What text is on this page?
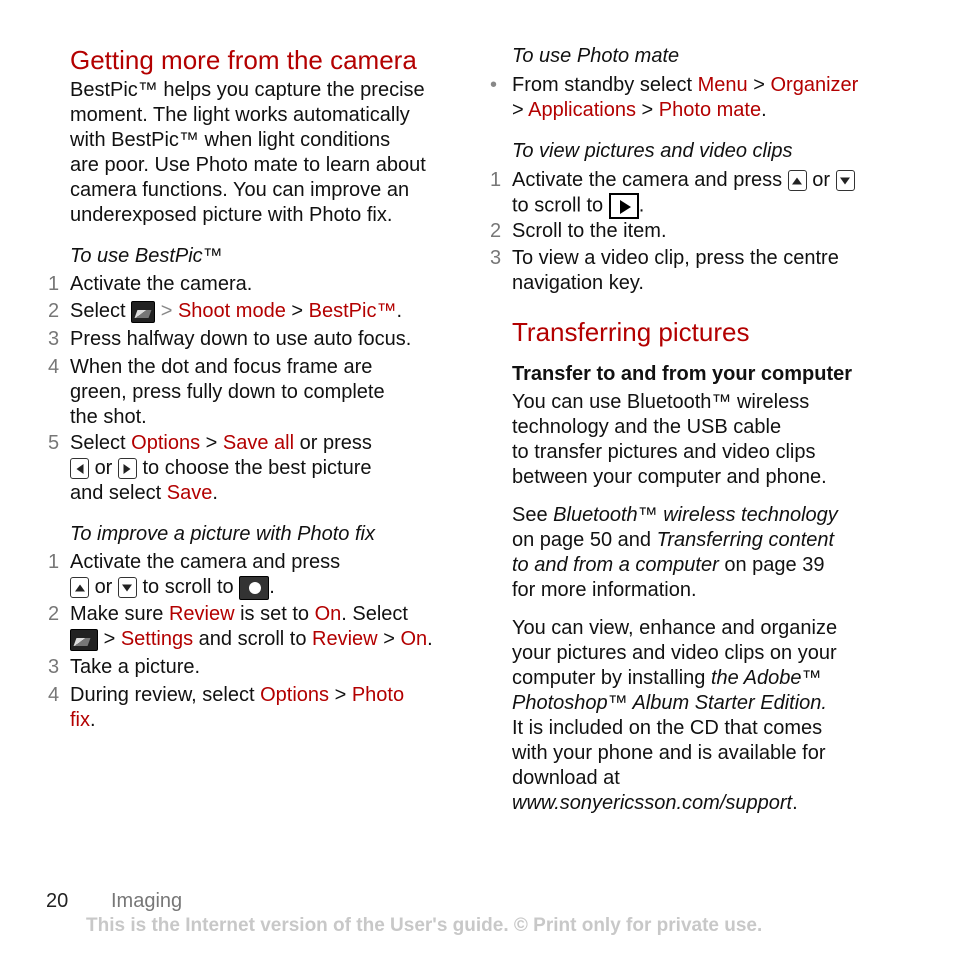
Getting more from the camera
BestPic™ helps you capture the precise
moment. The light works automatically
with BestPic™ when light conditions
are poor. Use Photo mate to learn about
camera functions. You can improve an
underexposed picture with Photo fix.
To use BestPic™
1 Activate the camera.
2 Select > Shoot mode > BestPic™.
3 Press halfway down to use auto focus.
4 When the dot and focus frame are
green, press fully down to complete
the shot.
5 Select Options > Save all or press
or to choose the best picture
and select Save.
To improve a picture with Photo fix
1 Activate the camera and press
or to scroll to .
2 Make sure Review is set to On. Select
> Settings and scroll to Review > On.
3 Take a picture.
4 During review, select Options > Photo
fix.
To use Photo mate
• From standby select Menu > Organizer
> Applications > Photo mate.
To view pictures and video clips
1 Activate the camera and press or
to scroll to .
2 Scroll to the item.
3 To view a video clip, press the centre
navigation key.
Transferring pictures
Transfer to and from your computer
You can use Bluetooth™ wireless
technology and the USB cable
to transfer pictures and video clips
between your computer and phone.
See Bluetooth™ wireless technology
on page 50 and Transferring content
to and from a computer on page 39
for more information.
You can view, enhance and organize
your pictures and video clips on your
computer by installing the Adobe™
Photoshop™ Album Starter Edition.
It is included on the CD that comes
with your phone and is available for
download at
www.sonyericsson.com/support.
20 Imaging
This is the Internet version of the User's guide. © Print only for private use.
